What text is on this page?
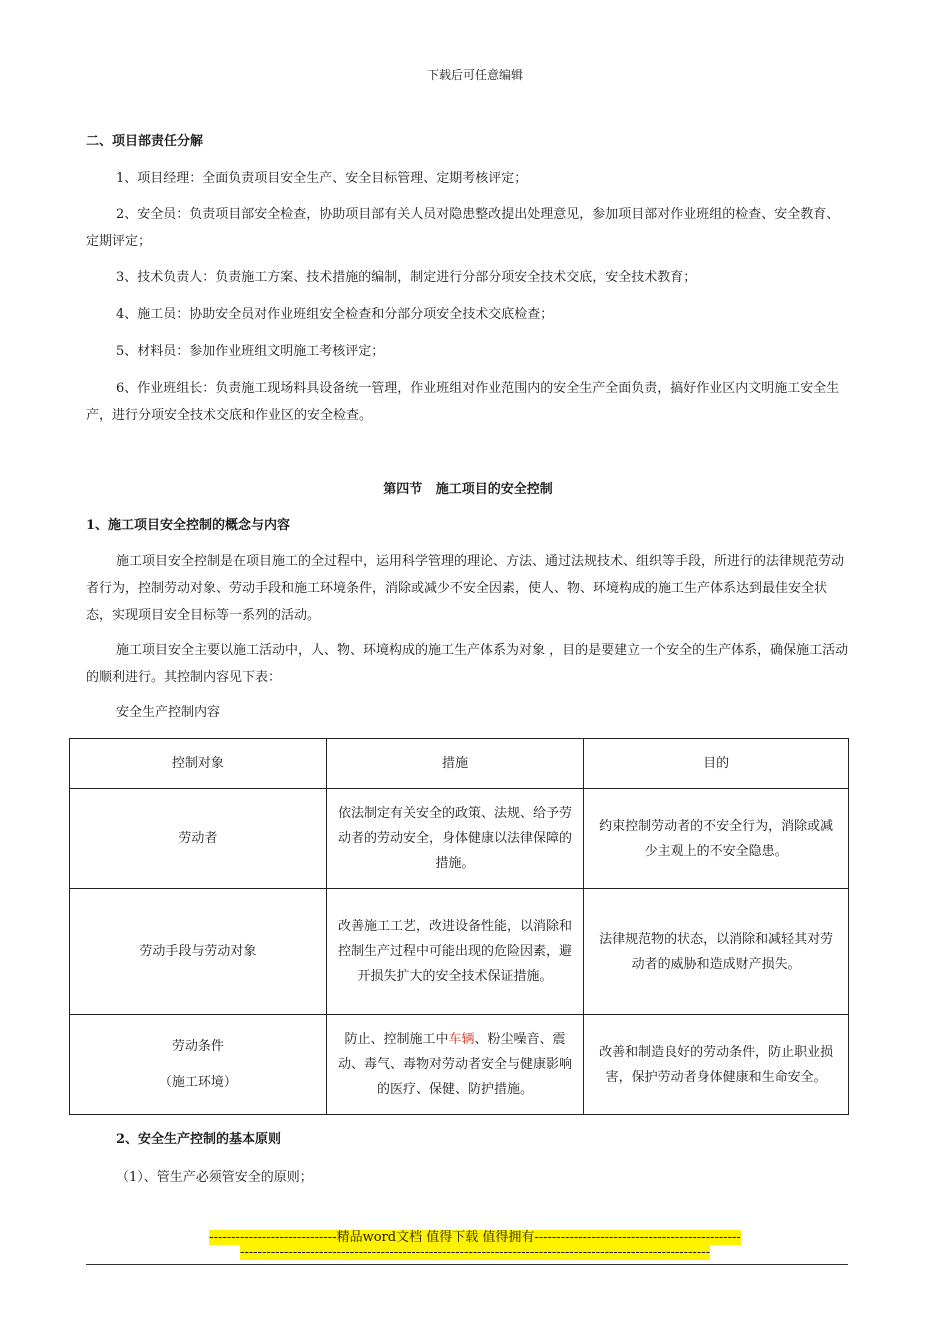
下载后可任意编辑

二、项目部责任分解

1、项目经理：全面负责项目安全生产、安全目标管理、定期考核评定；

2、安全员：负责项目部安全检查，协助项目部有关人员对隐患整改提出处理意见，参加项目部对作业班组的检查、安全教育、定期评定；

3、技术负责人：负责施工方案、技术措施的编制，制定进行分部分项安全技术交底，安全技术教育；

4、施工员：协助安全员对作业班组安全检查和分部分项安全技术交底检查；

5、材料员：参加作业班组文明施工考核评定；

6、作业班组长：负责施工现场料具设备统一管理，作业班组对作业范围内的安全生产全面负责，搞好作业区内文明施工安全生产，进行分项安全技术交底和作业区的安全检查。

第四节   施工项目的安全控制

1、施工项目安全控制的概念与内容

施工项目安全控制是在项目施工的全过程中，运用科学管理的理论、方法、通过法规技术、组织等手段，所进行的法律规范劳动者行为，控制劳动对象、劳动手段和施工环境条件，消除或减少不安全因素，使人、物、环境构成的施工生产体系达到最佳安全状态，实现项目安全目标等一系列的活动。

施工项目安全主要以施工活动中，人、物、环境构成的施工生产体系为对象 ，目的是要建立一个安全的生产体系，确保施工活动的顺利进行。其控制内容见下表：

安全生产控制内容

控制对象	措施	目的
劳动者	依法制定有关安全的政策、法规、给予劳动者的劳动安全，身体健康以法律保障的措施。	约束控制劳动者的不安全行为，消除或减少主观上的不安全隐患。
劳动手段与劳动对象	改善施工工艺，改进设备性能，以消除和控制生产过程中可能出现的危险因素，避开损失扩大的安全技术保证措施。	法律规范物的状态，以消除和减轻其对劳动者的威胁和造成财产损失。

劳动条件
（施工环境）	防止、控制施工中车辆、粉尘噪音、震动、毒气、毒物对劳动者安全与健康影响的医疗、保健、防护措施。	改善和制造良好的劳动条件，防止职业损害，保护劳动者身体健康和生命安全。

2、安全生产控制的基本原则

（1）、管生产必须管安全的原则；

-----------------------------精品word文档 值得下载 值得拥有-----------------------------------------------
-----------------------------------------------------------------------------------------------------------
